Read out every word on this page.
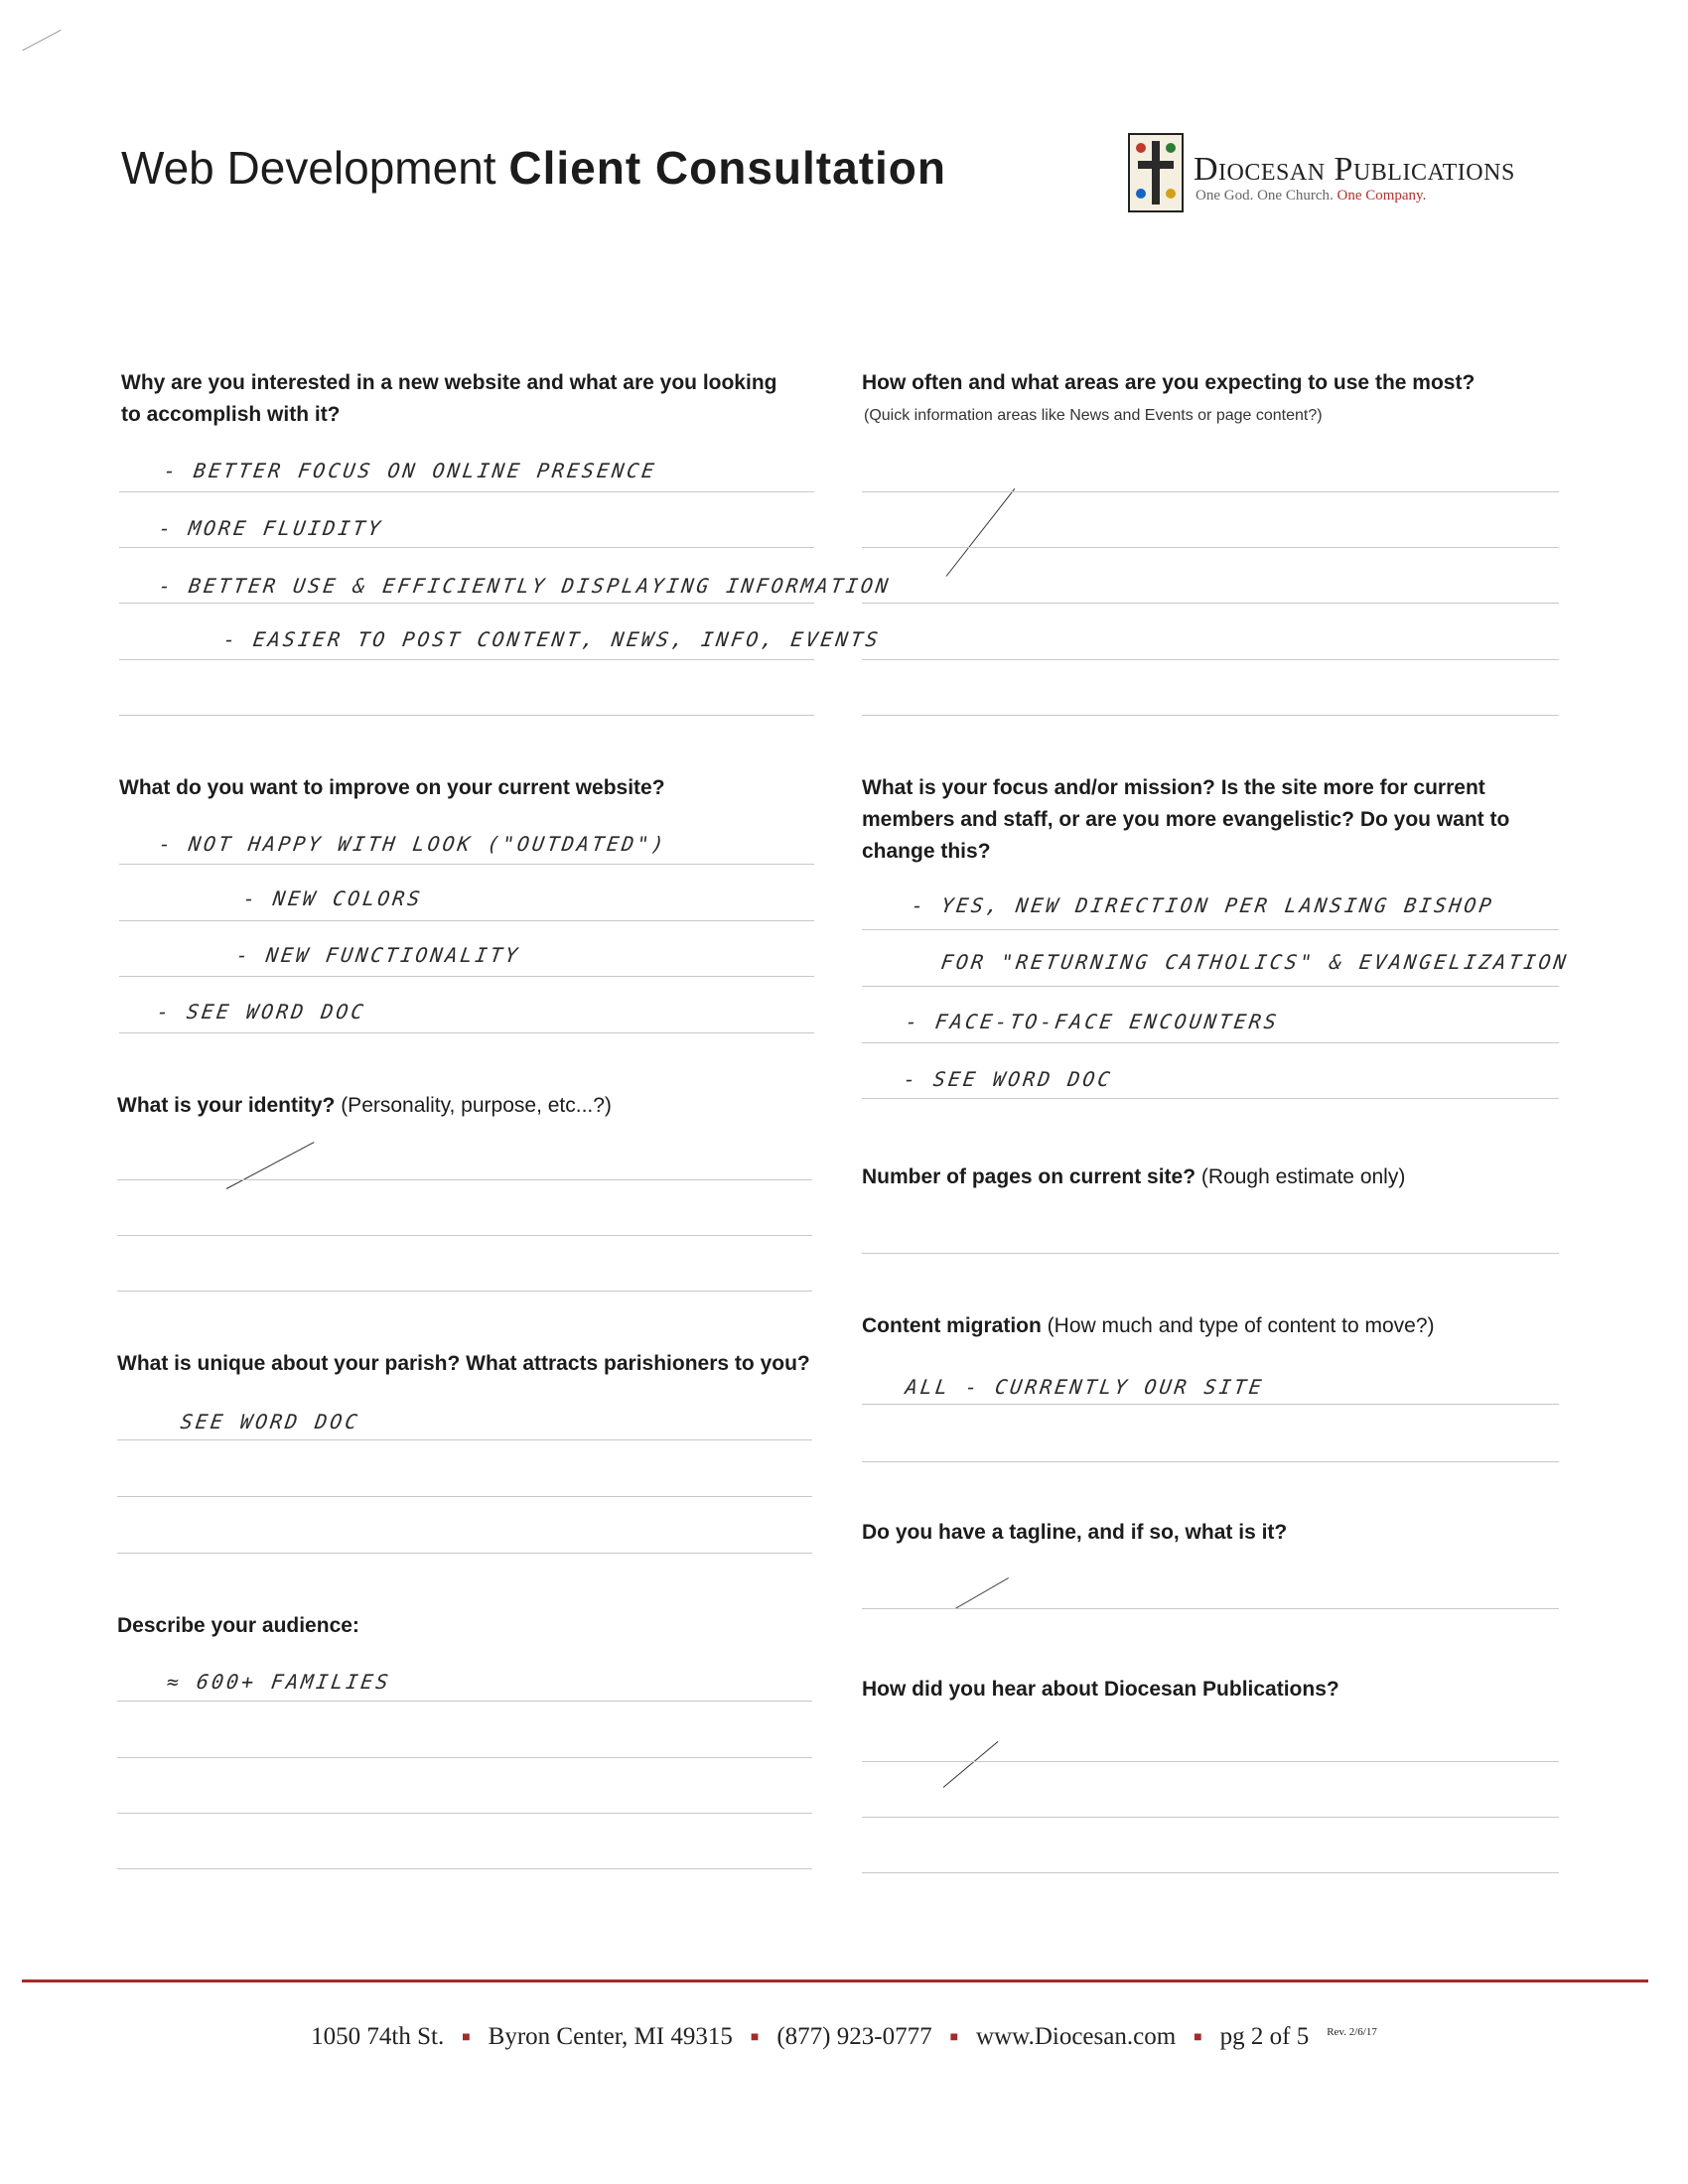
Web Development Client Consultation	Diocesan Publications
One God. One Church. One Company.
Why are you interested in a new website and what are you looking
to accomplish with it?
- BETTER FOCUS ON ONLINE PRESENCE
- MORE FLUIDITY
- BETTER USE & EFFICIENTLY DISPLAYING INFORMATION
- EASIER TO POST CONTENT, NEWS, INFO, EVENTS
What do you want to improve on your current website?
- NOT HAPPY WITH LOOK ("OUTDATED")
- NEW COLORS
- NEW FUNCTIONALITY
- SEE WORD DOC
What is your identity? (Personality, purpose, etc...?)
What is unique about your parish? What attracts parishioners to you?
SEE WORD DOC
Describe your audience:
≈ 600+ FAMILIES
How often and what areas are you expecting to use the most?
(Quick information areas like News and Events or page content?)
What is your focus and/or mission? Is the site more for current
members and staff, or are you more evangelistic? Do you want to
change this?
- YES, NEW DIRECTION PER LANSING BISHOP
FOR "RETURNING CATHOLICS" & EVANGELIZATION
- FACE-TO-FACE ENCOUNTERS
- SEE WORD DOC
Number of pages on current site? (Rough estimate only)
Content migration (How much and type of content to move?)
ALL - CURRENTLY OUR SITE
Do you have a tagline, and if so, what is it?
How did you hear about Diocesan Publications?
1050 74th St. ■ Byron Center, MI 49315 ■ (877) 923-0777 ■ www.Diocesan.com ■ pg 2 of 5 $^{Rev. 2/6/17}$
